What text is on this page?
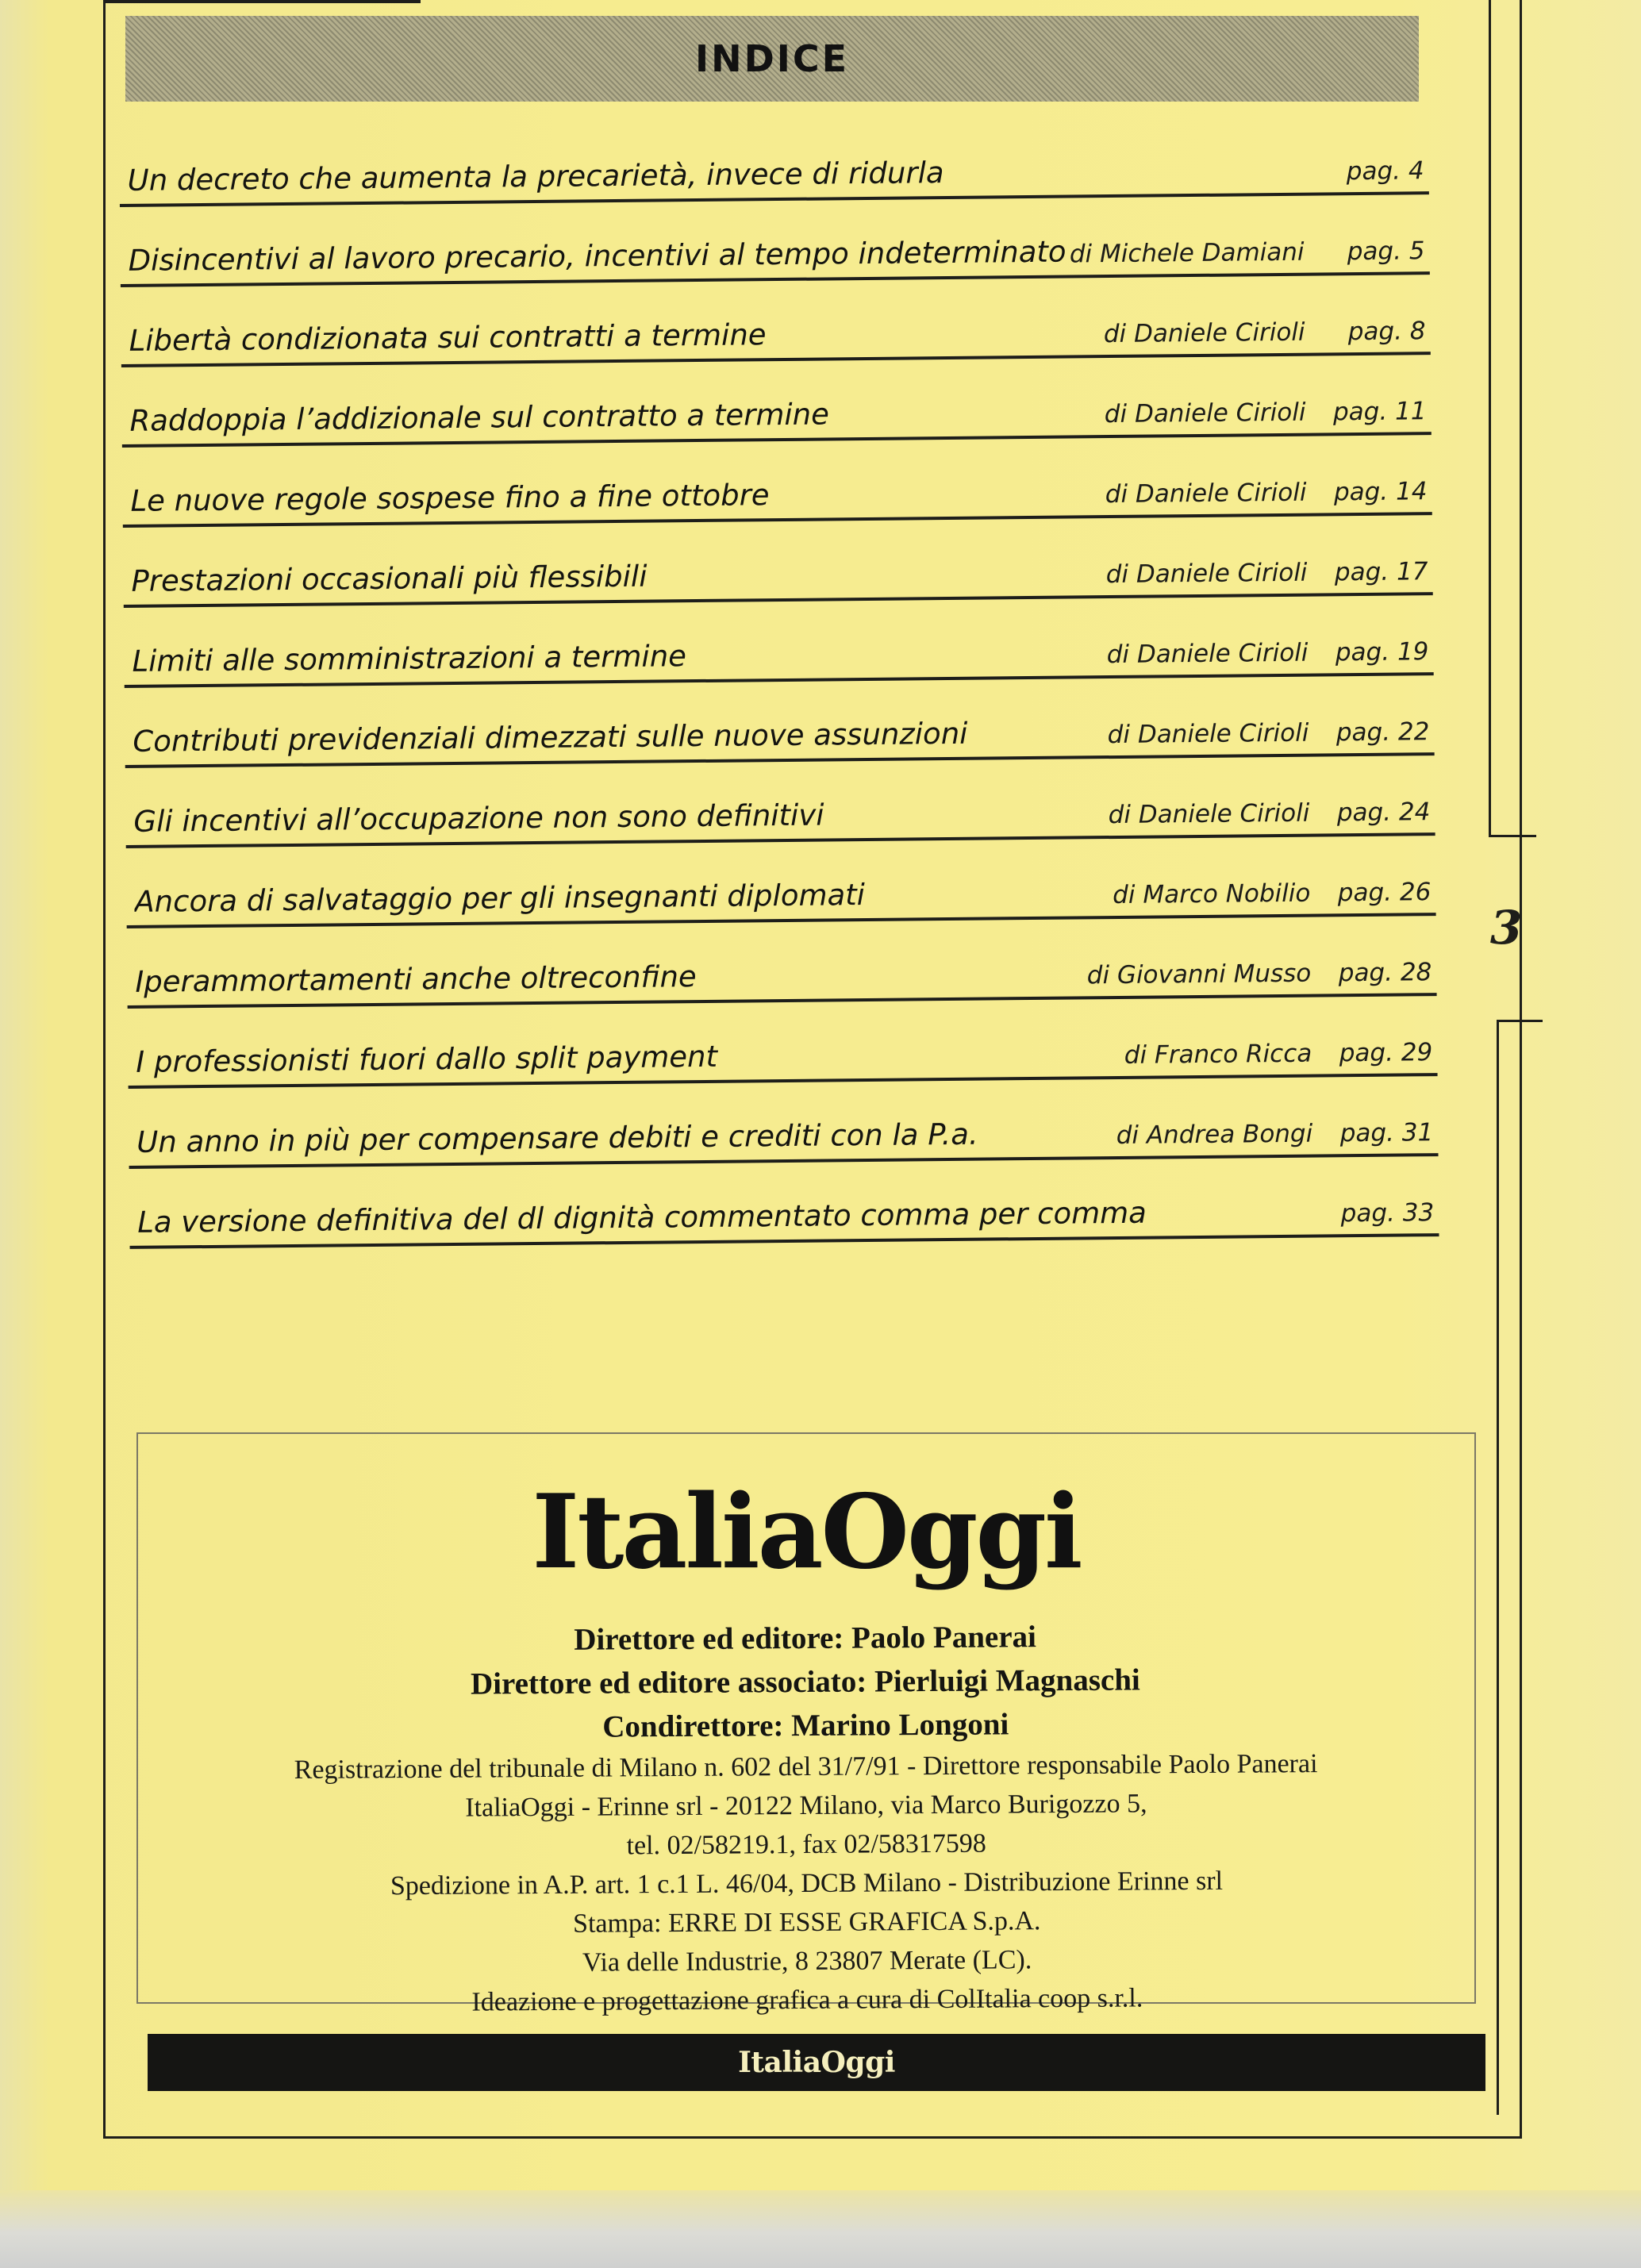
3
INDICE
Un decreto che aumenta la precarietà, invece di ridurla	pag. 4
Disincentivi al lavoro precario, incentivi al tempo indeterminato di Michele Damiani	pag. 5
Libertà condizionata sui contratti a termine	di Daniele Cirioli	pag. 8
Raddoppia l’addizionale sul contratto a termine	di Daniele Cirioli pag. 11
Le nuove regole sospese fino a fine ottobre	di Daniele Cirioli pag. 14
Prestazioni occasionali più flessibili	di Daniele Cirioli pag. 17
Limiti alle somministrazioni a termine	di Daniele Cirioli pag. 19
Contributi previdenziali dimezzati sulle nuove assunzioni	di Daniele Cirioli pag. 22
Gli incentivi all’occupazione non sono definitivi	di Daniele Cirioli pag. 24
Ancora di salvataggio per gli insegnanti diplomati	di Marco Nobilio pag. 26
Iperammortamenti anche oltreconfine	di Giovanni Musso pag. 28
I professionisti fuori dallo split payment	di Franco Ricca pag. 29
Un anno in più per compensare debiti e crediti con la P.a.	di Andrea Bongi pag. 31
La versione definitiva del dl dignità commentato comma per comma	pag. 33
ItaliaOggi
Direttore ed editore: Paolo Panerai
Direttore ed editore associato: Pierluigi Magnaschi
Condirettore: Marino Longoni
Registrazione del tribunale di Milano n. 602 del 31/7/91 - Direttore responsabile Paolo Panerai
ItaliaOggi - Erinne srl - 20122 Milano, via Marco Burigozzo 5,
tel. 02/58219.1, fax 02/58317598
Spedizione in A.P. art. 1 c.1 L. 46/04, DCB Milano - Distribuzione Erinne srl
Stampa: ERRE DI ESSE GRAFICA S.p.A.
Via delle Industrie, 8 23807 Merate (LC).
Ideazione e progettazione grafica a cura di ColItalia coop s.r.l.
ItaliaOggi
